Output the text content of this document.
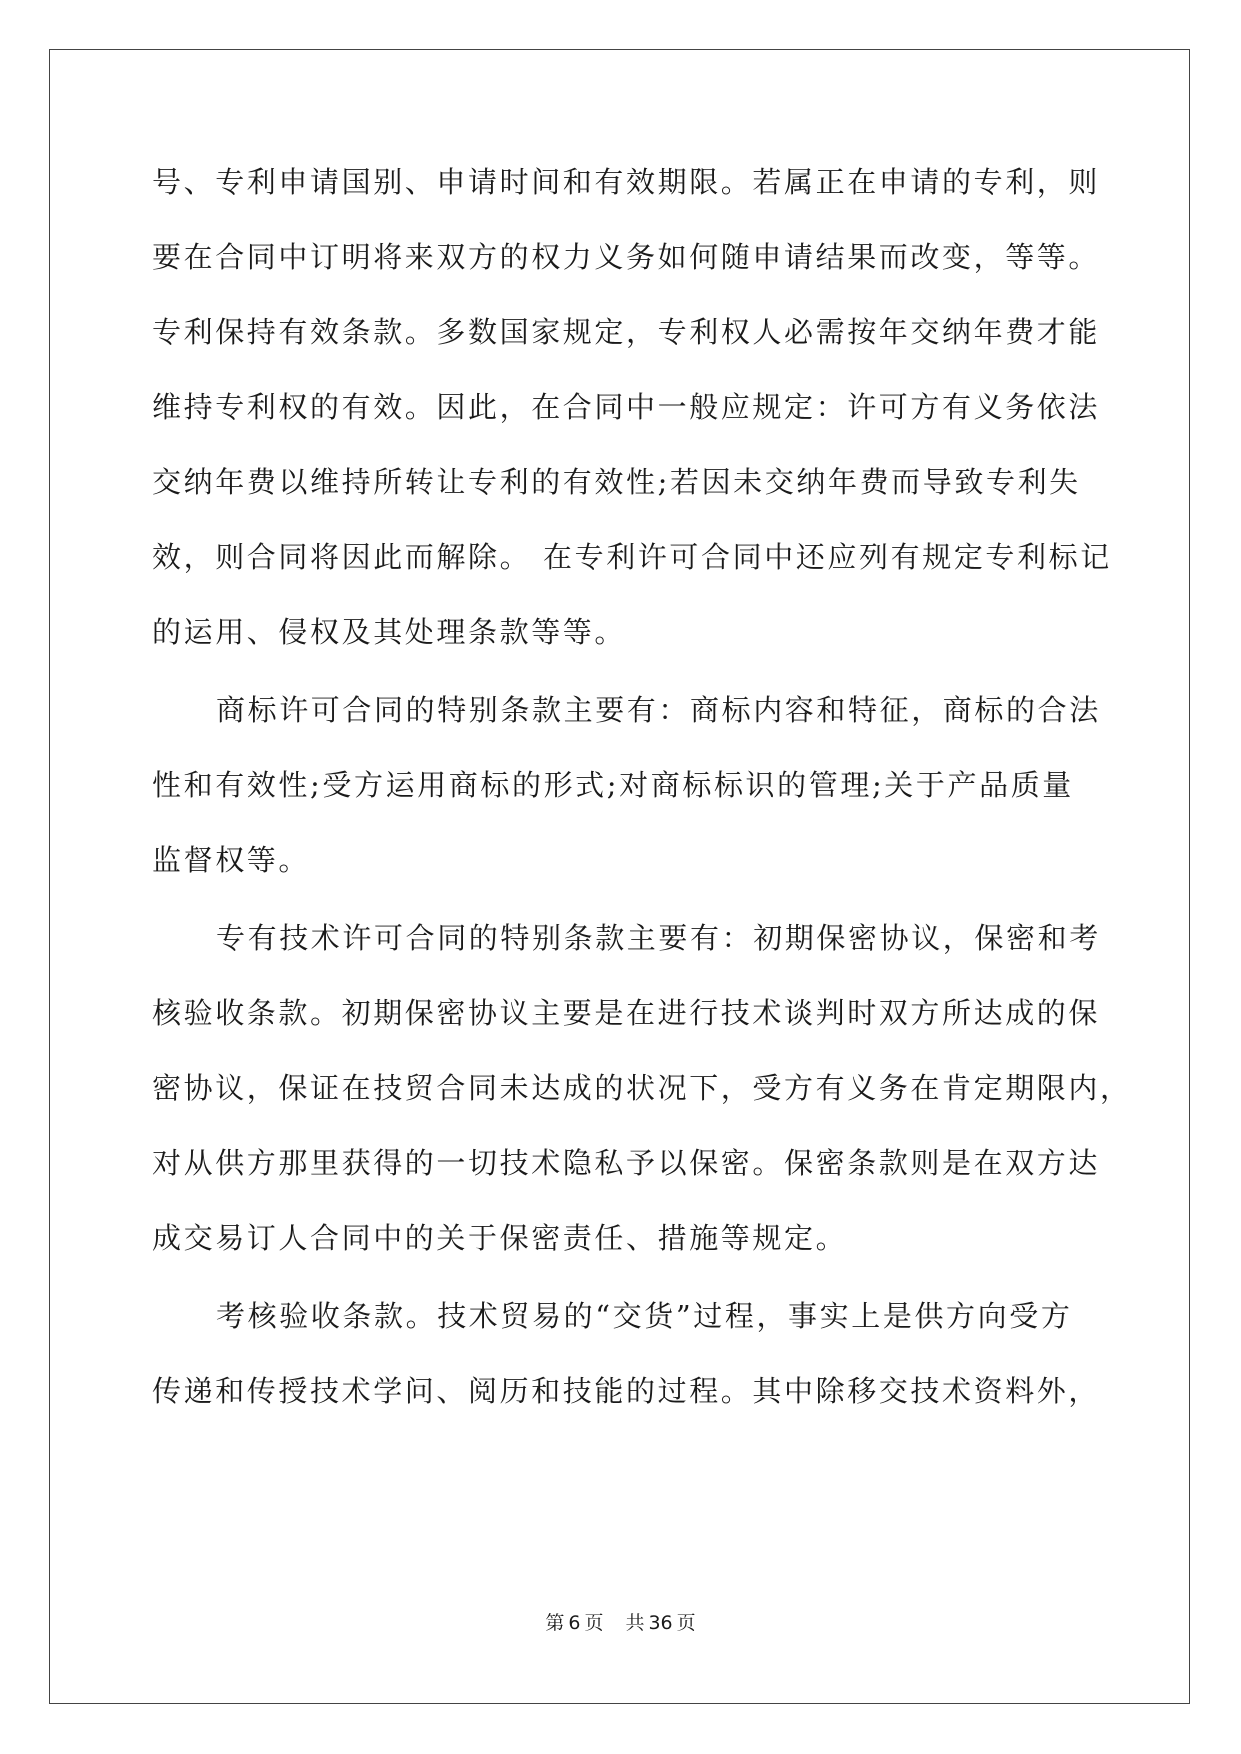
号、专利申请国别、申请时间和有效期限。若属正在申请的专利，则
要在合同中订明将来双方的权力义务如何随申请结果而改变，等等。
专利保持有效条款。多数国家规定，专利权人必需按年交纳年费才能
维持专利权的有效。因此，在合同中一般应规定：许可方有义务依法
交纳年费以维持所转让专利的有效性;若因未交纳年费而导致专利失
效，则合同将因此而解除。 在专利许可合同中还应列有规定专利标记
的运用、侵权及其处理条款等等。
商标许可合同的特别条款主要有：商标内容和特征，商标的合法
性和有效性;受方运用商标的形式;对商标标识的管理;关于产品质量
监督权等。
专有技术许可合同的特别条款主要有：初期保密协议，保密和考
核验收条款。初期保密协议主要是在进行技术谈判时双方所达成的保
密协议，保证在技贸合同未达成的状况下，受方有义务在肯定期限内，
对从供方那里获得的一切技术隐私予以保密。保密条款则是在双方达
成交易订人合同中的关于保密责任、措施等规定。
考核验收条款。技术贸易的“交货”过程，事实上是供方向受方
传递和传授技术学问、阅历和技能的过程。其中除移交技术资料外，
第 6 页 共 36 页
